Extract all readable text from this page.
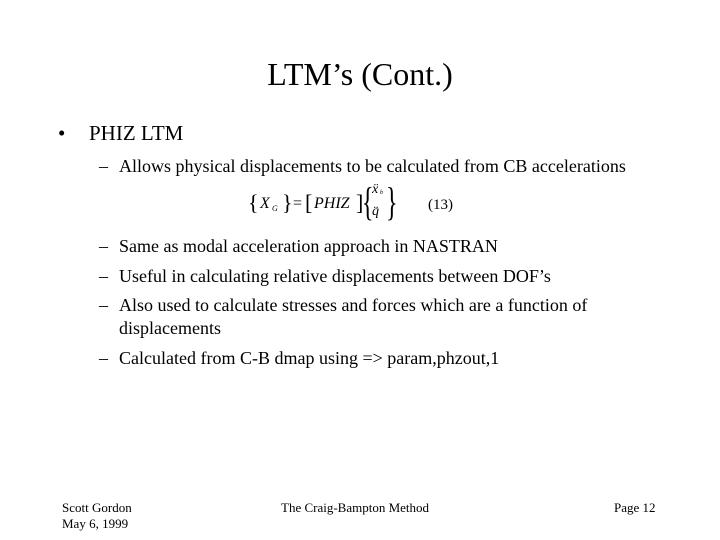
LTM’s (Cont.)
• PHIZ LTM
– Allows physical displacements to be calculated from CB accelerations
{ X G } = [ PHIZ ]
{
ẍ b
q̈ } (13)
– Same as modal acceleration approach in NASTRAN
– Useful in calculating relative displacements between DOF’s
– Also used to calculate stresses and forces which are a function of displacements
– Calculated from C-B dmap using => param,phzout,1
Scott Gordon
May 6, 1999
The Craig-Bampton Method	Page 12
